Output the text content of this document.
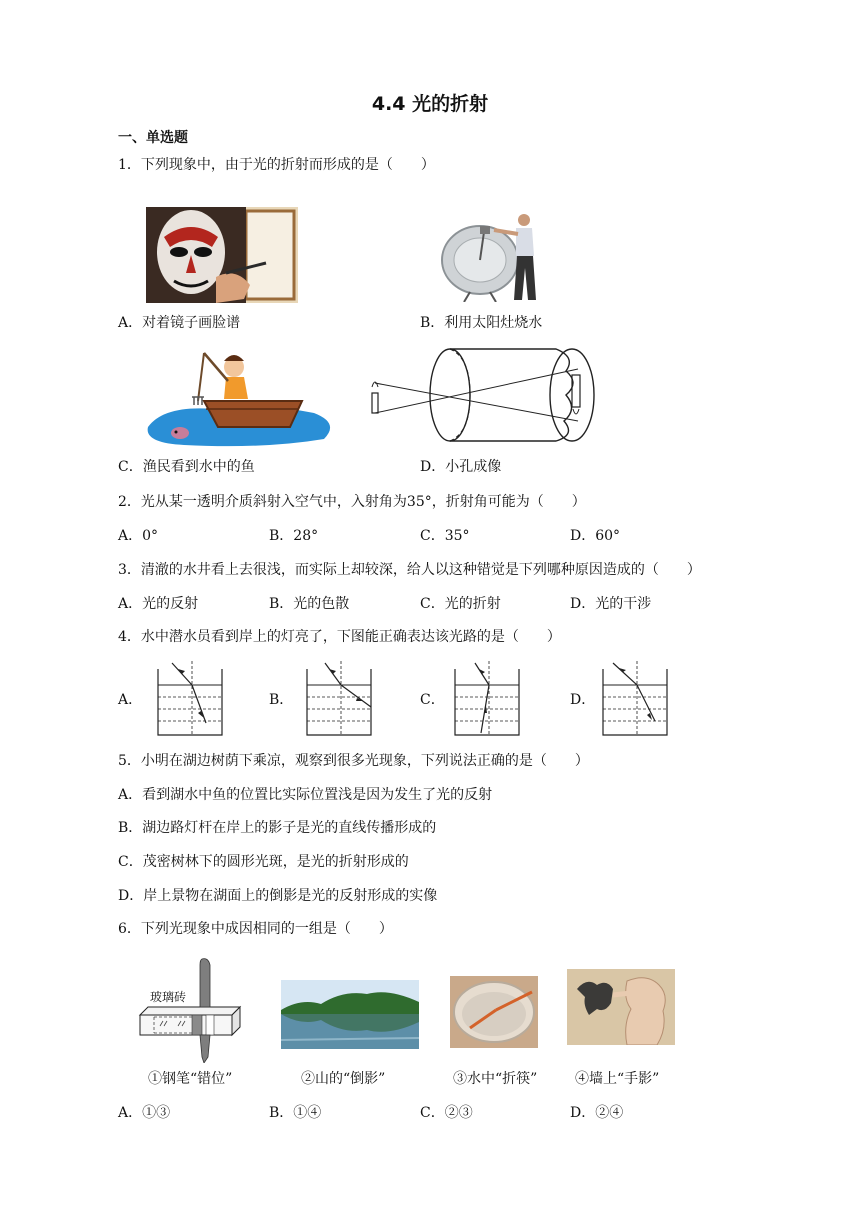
4.4 光的折射
一、单选题
1．下列现象中，由于光的折射而形成的是（　　）
A．对着镜子画脸谱	B．利用太阳灶烧水
C．渔民看到水中的鱼	D．小孔成像
2．光从某一透明介质斜射入空气中，入射角为35°，折射角可能为（　　）
A．0°	B．28°	C．35°	D．60°
3．清澈的水井看上去很浅，而实际上却较深，给人以这种错觉是下列哪种原因造成的（　　）
A．光的反射	B．光的色散	C．光的折射	D．光的干涉
4．水中潜水员看到岸上的灯亮了，下图能正确表达该光路的是（　　）
A．	B．	C．	D．
5．小明在湖边树荫下乘凉，观察到很多光现象，下列说法正确的是（　　）
A．看到湖水中鱼的位置比实际位置浅是因为发生了光的反射
B．湖边路灯杆在岸上的影子是光的直线传播形成的
C．茂密树林下的圆形光斑，是光的折射形成的
D．岸上景物在湖面上的倒影是光的反射形成的实像
6．下列光现象中成因相同的一组是（　　）
玻璃砖
①钢笔“错位”	②山的“倒影”	③水中“折筷”	④墙上“手影”
A．①③	B．①④	C．②③	D．②④
